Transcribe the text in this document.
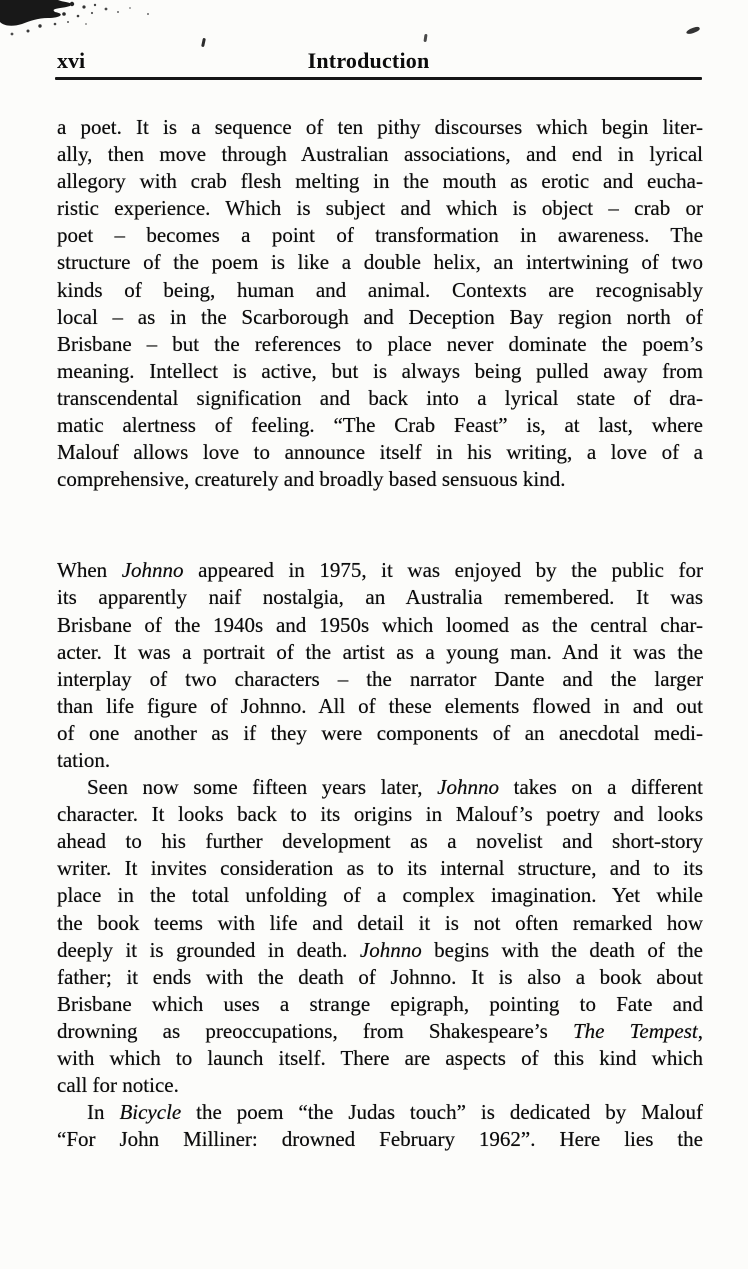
xvi	Introduction
a poet. It is a sequence of ten pithy discourses which begin liter-
ally, then move through Australian associations, and end in lyrical
allegory with crab flesh melting in the mouth as erotic and eucha-
ristic experience. Which is subject and which is object – crab or
poet – becomes a point of transformation in awareness. The
structure of the poem is like a double helix, an intertwining of two
kinds of being, human and animal. Contexts are recognisably
local – as in the Scarborough and Deception Bay region north of
Brisbane – but the references to place never dominate the poem’s
meaning. Intellect is active, but is always being pulled away from
transcendental signification and back into a lyrical state of dra-
matic alertness of feeling. “The Crab Feast” is, at last, where
Malouf allows love to announce itself in his writing, a love of a
comprehensive, creaturely and broadly based sensuous kind.
When Johnno appeared in 1975, it was enjoyed by the public for
its apparently naif nostalgia, an Australia remembered. It was
Brisbane of the 1940s and 1950s which loomed as the central char-
acter. It was a portrait of the artist as a young man. And it was the
interplay of two characters – the narrator Dante and the larger
than life figure of Johnno. All of these elements flowed in and out
of one another as if they were components of an anecdotal medi-
tation.
Seen now some fifteen years later, Johnno takes on a different
character. It looks back to its origins in Malouf’s poetry and looks
ahead to his further development as a novelist and short-story
writer. It invites consideration as to its internal structure, and to its
place in the total unfolding of a complex imagination. Yet while
the book teems with life and detail it is not often remarked how
deeply it is grounded in death. Johnno begins with the death of the
father; it ends with the death of Johnno. It is also a book about
Brisbane which uses a strange epigraph, pointing to Fate and
drowning as preoccupations, from Shakespeare’s The Tempest,
with which to launch itself. There are aspects of this kind which
call for notice.
In Bicycle the poem “the Judas touch” is dedicated by Malouf
“For John Milliner: drowned February 1962”. Here lies the
